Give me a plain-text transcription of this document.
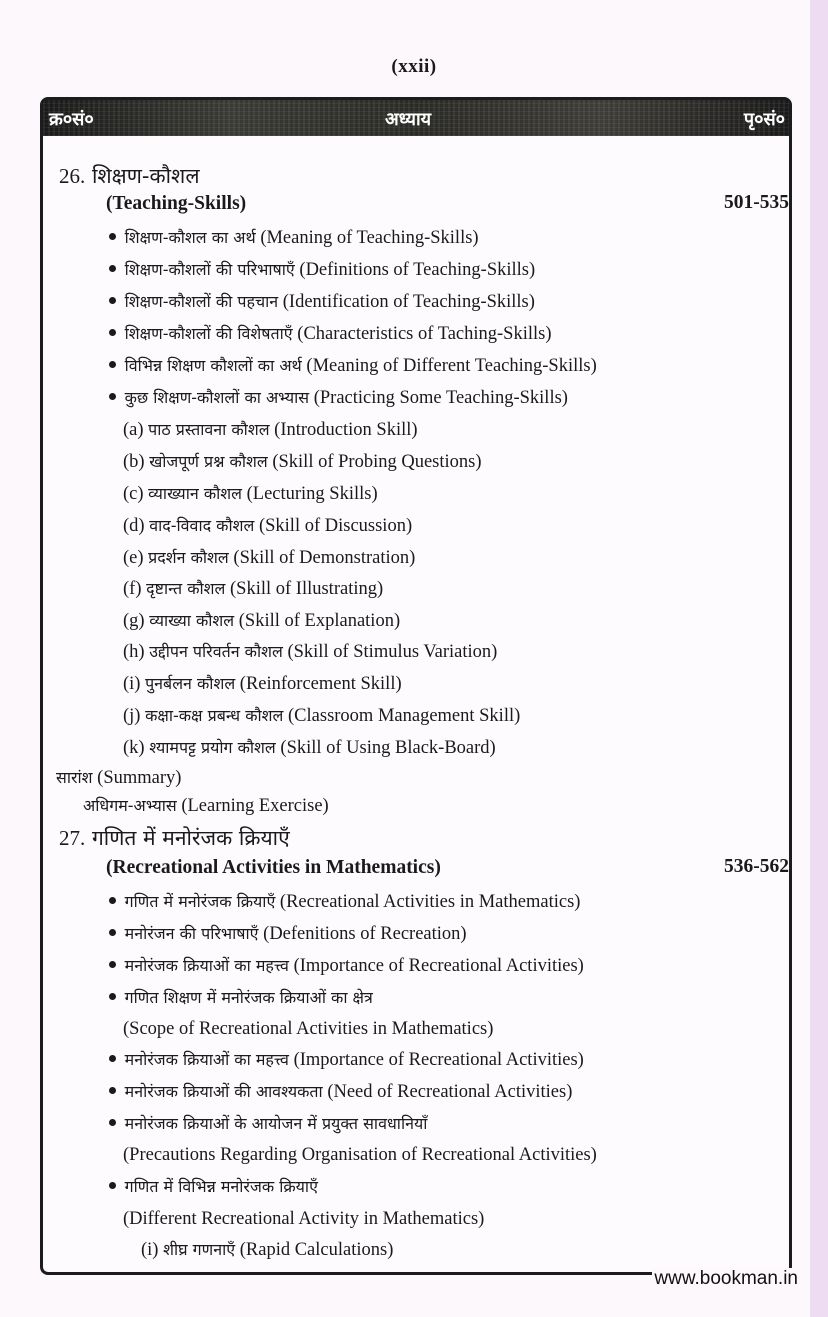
(xxii)
क्र०सं०	अध्याय	पृ०सं०
26. शिक्षण-कौशल
(Teaching-Skills)	501-535
शिक्षण-कौशल का अर्थ (Meaning of Teaching-Skills)
शिक्षण-कौशलों की परिभाषाएँ (Definitions of Teaching-Skills)
शिक्षण-कौशलों की पहचान (Identification of Teaching-Skills)
शिक्षण-कौशलों की विशेषताएँ (Characteristics of Taching-Skills)
विभिन्न शिक्षण कौशलों का अर्थ (Meaning of Different Teaching-Skills)
कुछ शिक्षण-कौशलों का अभ्यास (Practicing Some Teaching-Skills)
(a) पाठ प्रस्तावना कौशल (Introduction Skill)
(b) खोजपूर्ण प्रश्न कौशल (Skill of Probing Questions)
(c) व्याख्यान कौशल (Lecturing Skills)
(d) वाद-विवाद कौशल (Skill of Discussion)
(e) प्रदर्शन कौशल (Skill of Demonstration)
(f) दृष्टान्त कौशल (Skill of Illustrating)
(g) व्याख्या कौशल (Skill of Explanation)
(h) उद्दीपन परिवर्तन कौशल (Skill of Stimulus Variation)
(i) पुनर्बलन कौशल (Reinforcement Skill)
(j) कक्षा-कक्ष प्रबन्ध कौशल (Classroom Management Skill)
(k) श्यामपट्ट प्रयोग कौशल (Skill of Using Black-Board)
सारांश (Summary)
अधिगम-अभ्यास (Learning Exercise)
27. गणित में मनोरंजक क्रियाएँ
(Recreational Activities in Mathematics)	536-562
गणित में मनोरंजक क्रियाएँ (Recreational Activities in Mathematics)
मनोरंजन की परिभाषाएँ (Defenitions of Recreation)
मनोरंजक क्रियाओं का महत्त्व (Importance of Recreational Activities)
गणित शिक्षण में मनोरंजक क्रियाओं का क्षेत्र
(Scope of Recreational Activities in Mathematics)
मनोरंजक क्रियाओं का महत्त्व (Importance of Recreational Activities)
मनोरंजक क्रियाओं की आवश्यकता (Need of Recreational Activities)
मनोरंजक क्रियाओं के आयोजन में प्रयुक्त सावधानियाँ
(Precautions Regarding Organisation of Recreational Activities)
गणित में विभिन्न मनोरंजक क्रियाएँ
(Different Recreational Activity in Mathematics)
(i) शीघ्र गणनाएँ (Rapid Calculations)
www.bookman.in
